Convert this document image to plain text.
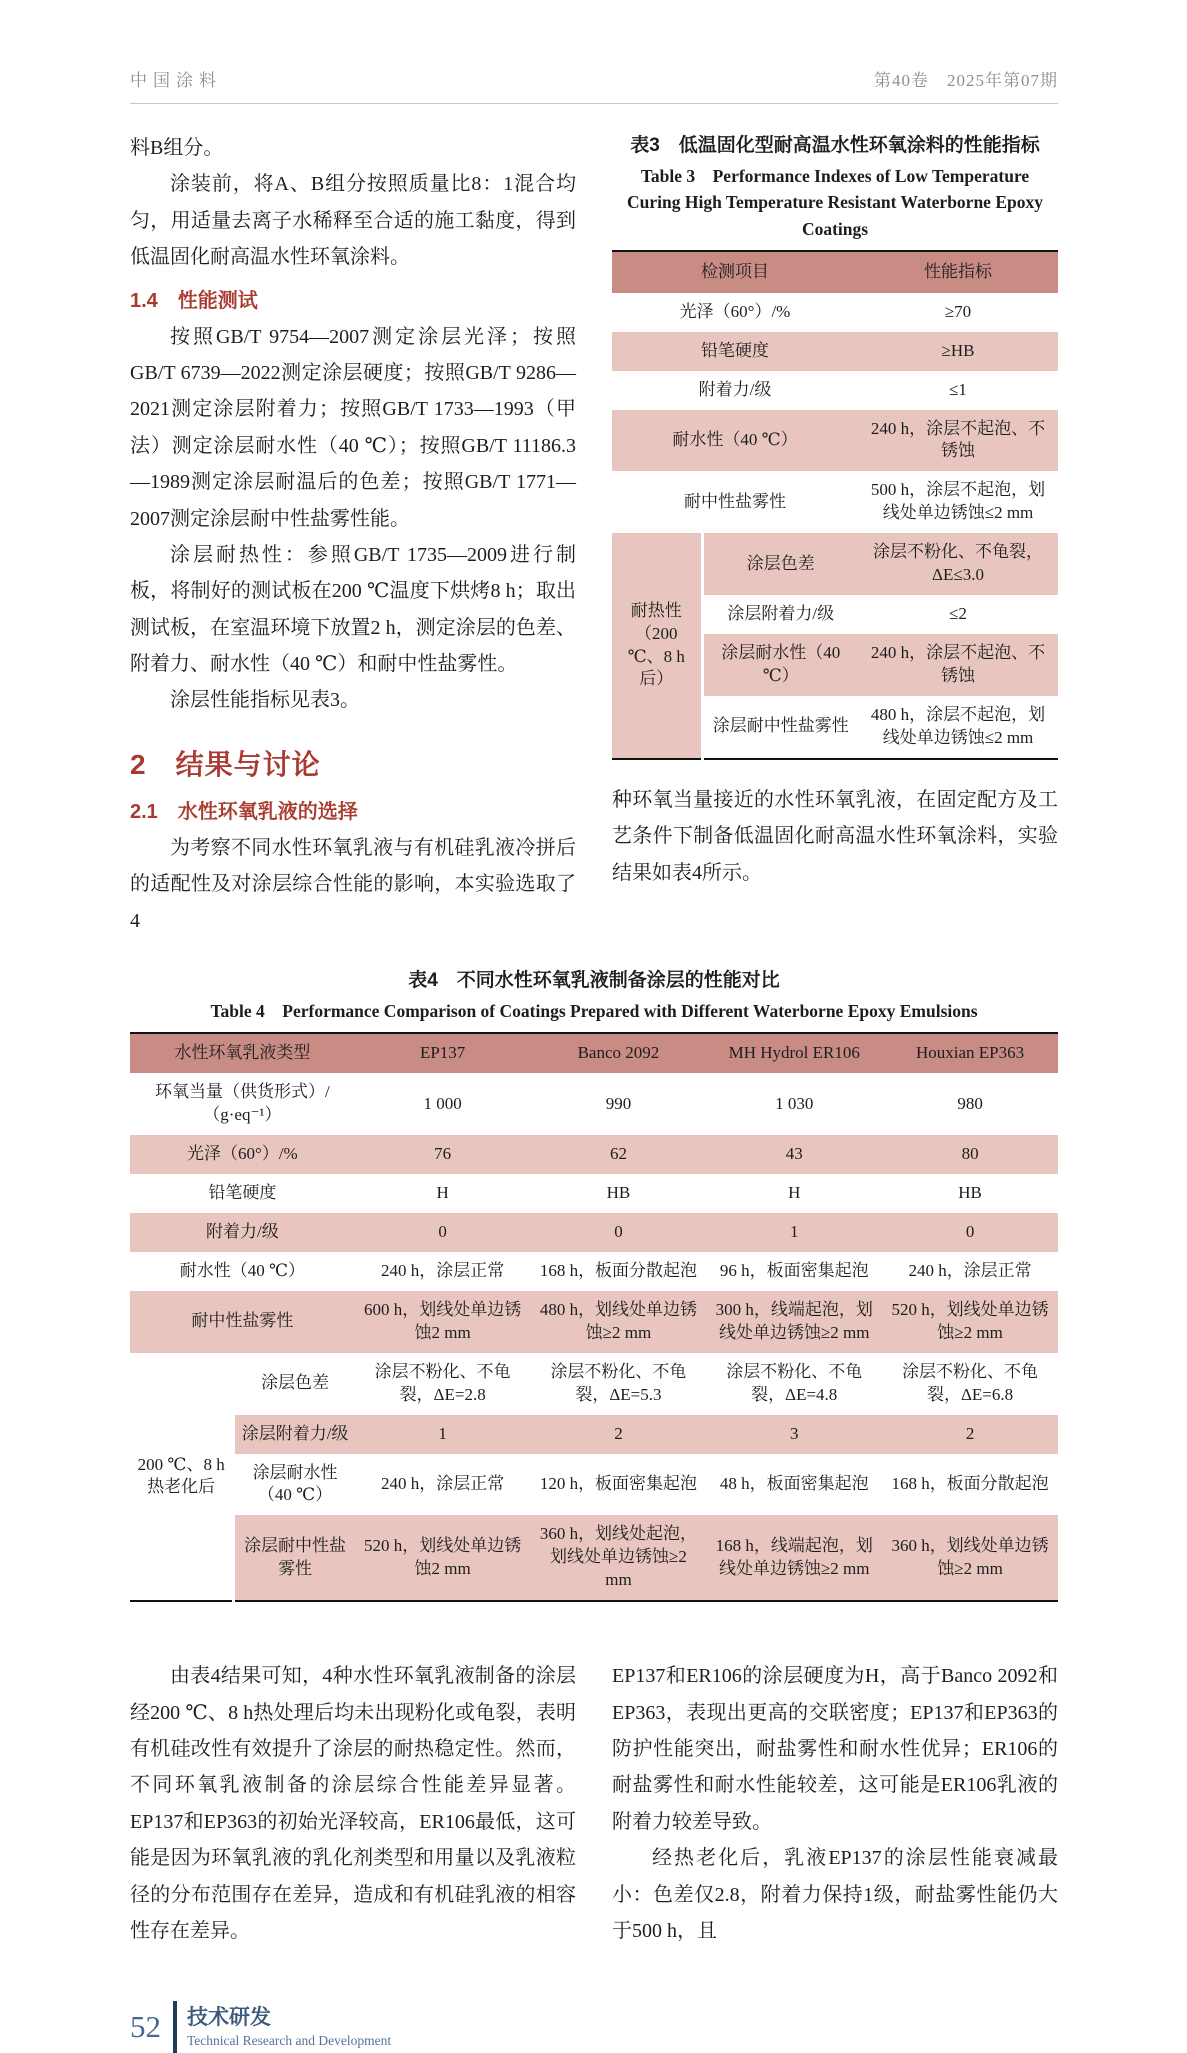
中国涂料	第40卷　2025年第07期

料B组分。

涂装前，将A、B组分按照质量比8：1混合均匀，用适量去离子水稀释至合适的施工黏度，得到低温固化耐高温水性环氧涂料。

1.4　性能测试

按照GB/T 9754—2007测定涂层光泽；按照GB/T 6739—2022测定涂层硬度；按照GB/T 9286—2021测定涂层附着力；按照GB/T 1733—1993（甲法）测定涂层耐水性（40 ℃）；按照GB/T 11186.3—1989测定涂层耐温后的色差；按照GB/T 1771—2007测定涂层耐中性盐雾性能。

涂层耐热性：参照GB/T 1735—2009进行制板，将制好的测试板在200 ℃温度下烘烤8 h；取出测试板，在室温环境下放置2 h，测定涂层的色差、附着力、耐水性（40 ℃）和耐中性盐雾性。

涂层性能指标见表3。

2　结果与讨论
2.1　水性环氧乳液的选择

为考察不同水性环氧乳液与有机硅乳液冷拼后的适配性及对涂层综合性能的影响，本实验选取了4

表3　低温固化型耐高温水性环氧涂料的性能指标
Table 3　Performance Indexes of Low Temperature
Curing High Temperature Resistant Waterborne Epoxy
Coatings
检测项目		性能指标
光泽（60°）/%		≥70
铅笔硬度		≥HB
附着力/级		≤1
耐水性（40 ℃）		240 h，涂层不起泡、不锈蚀
耐中性盐雾性		500 h，涂层不起泡，划线处单边锈蚀≤2 mm
耐热性（200 ℃、8 h后）	涂层色差	涂层不粉化、不龟裂，ΔE≤3.0
	涂层附着力/级	≤2
	涂层耐水性（40 ℃）	240 h，涂层不起泡、不锈蚀
	涂层耐中性盐雾性	480 h，涂层不起泡，划线处单边锈蚀≤2 mm

种环氧当量接近的水性环氧乳液，在固定配方及工艺条件下制备低温固化耐高温水性环氧涂料，实验结果如表4所示。

表4　不同水性环氧乳液制备涂层的性能对比
Table 4　Performance Comparison of Coatings Prepared with Different Waterborne Epoxy Emulsions
水性环氧乳液类型		EP137	Banco 2092	MH Hydrol ER106	Houxian EP363
环氧当量（供货形式）/（g·eq⁻¹）		1 000	990	1 030	980
光泽（60°）/%		76	62	43	80
铅笔硬度		H	HB	H	HB
附着力/级		0	0	1	0
耐水性（40 ℃）		240 h，涂层正常	168 h，板面分散起泡	96 h，板面密集起泡	240 h，涂层正常
耐中性盐雾性		600 h，划线处单边锈蚀2 mm	480 h，划线处单边锈蚀≥2 mm	300 h，线端起泡，划线处单边锈蚀≥2 mm	520 h，划线处单边锈蚀≥2 mm
200 ℃、8 h热老化后	涂层色差	涂层不粉化、不龟裂，ΔE=2.8	涂层不粉化、不龟裂，ΔE=5.3	涂层不粉化、不龟裂，ΔE=4.8	涂层不粉化、不龟裂，ΔE=6.8
	涂层附着力/级	1	2	3	2
	涂层耐水性（40 ℃）	240 h，涂层正常	120 h，板面密集起泡	48 h，板面密集起泡	168 h，板面分散起泡
	涂层耐中性盐雾性	520 h，划线处单边锈蚀2 mm	360 h，划线处起泡，划线处单边锈蚀≥2 mm	168 h，线端起泡，划线处单边锈蚀≥2 mm	360 h，划线处单边锈蚀≥2 mm

由表4结果可知，4种水性环氧乳液制备的涂层经200 ℃、8 h热处理后均未出现粉化或龟裂，表明有机硅改性有效提升了涂层的耐热稳定性。然而，不同环氧乳液制备的涂层综合性能差异显著。EP137和EP363的初始光泽较高，ER106最低，这可能是因为环氧乳液的乳化剂类型和用量以及乳液粒径的分布范围存在差异，造成和有机硅乳液的相容性存在差异。

EP137和ER106的涂层硬度为H，高于Banco 2092和EP363，表现出更高的交联密度；EP137和EP363的防护性能突出，耐盐雾性和耐水性优异；ER106的耐盐雾性和耐水性能较差，这可能是ER106乳液的附着力较差导致。

经热老化后，乳液EP137的涂层性能衰减最小：色差仅2.8，附着力保持1级，耐盐雾性能仍大于500 h，且

52 技术研发
Technical Research and Development
